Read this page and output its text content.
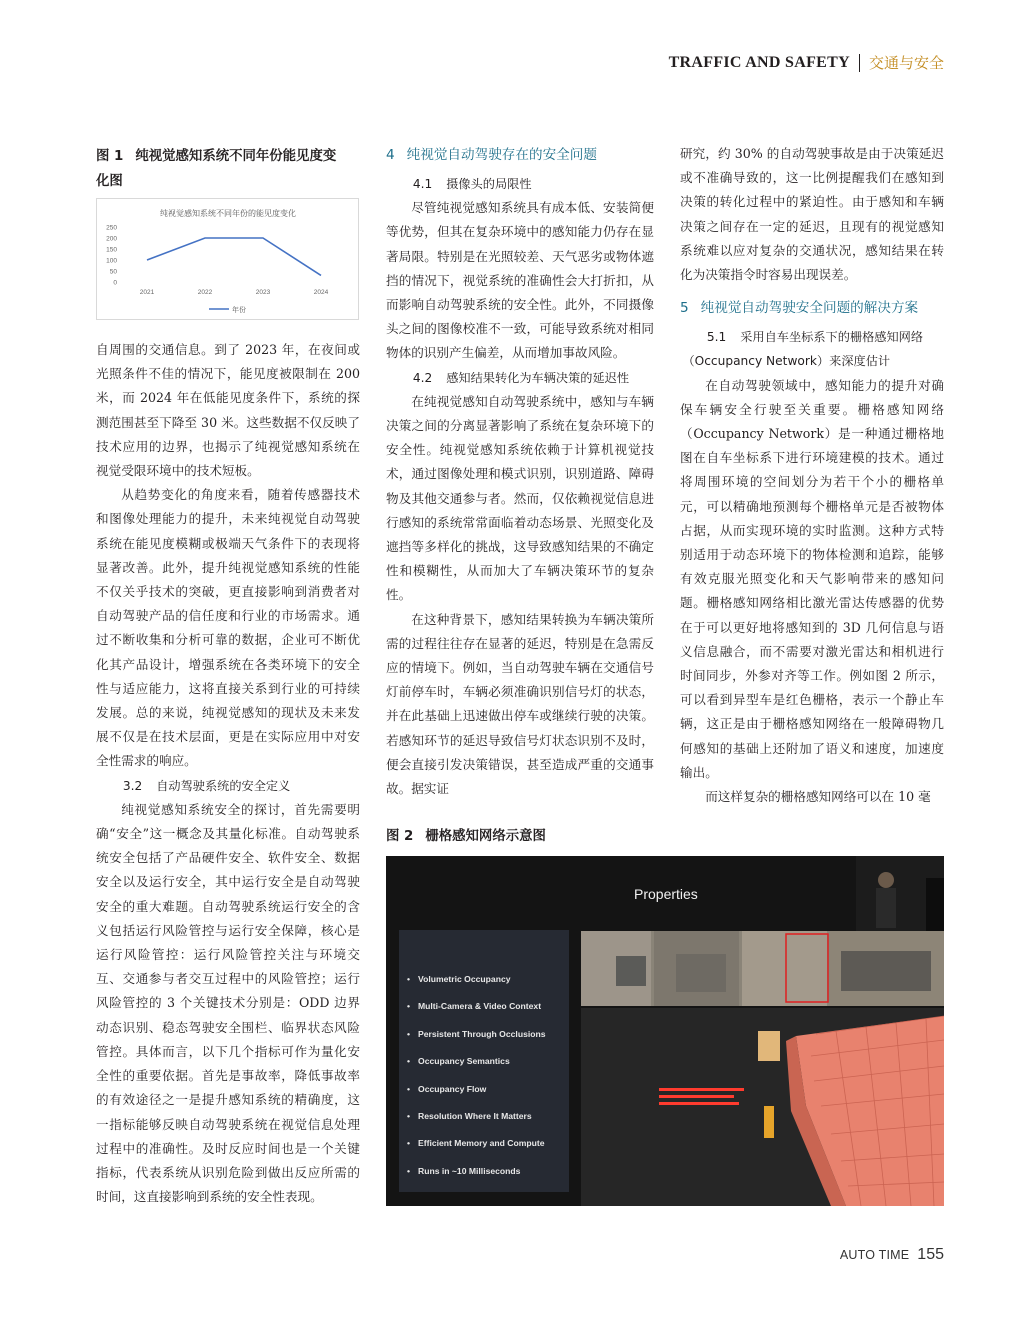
TRAFFIC AND SAFETY 交通与安全
图 1 纯视觉感知系统不同年份能见度变
化图
纯视觉感知系统不同年份的能见度变化
250
200
150
100
50
0
2021	2022	2023	2024
年份

自周围的交通信息。到了 2023 年，在夜间或光照条件不佳的情况下，能见度被限制在 200 米，而 2024 年在低能见度条件下，系统的探测范围甚至下降至 30 米。这些数据不仅反映了技术应用的边界，也揭示了纯视觉感知系统在视觉受限环境中的技术短板。

从趋势变化的角度来看，随着传感器技术和图像处理能力的提升，未来纯视觉自动驾驶系统在能见度模糊或极端天气条件下的表现将显著改善。此外，提升纯视觉感知系统的性能不仅关乎技术的突破，更直接影响到消费者对自动驾驶产品的信任度和行业的市场需求。通过不断收集和分析可靠的数据，企业可不断优化其产品设计，增强系统在各类环境下的安全性与适应能力，这将直接关系到行业的可持续发展。总的来说，纯视觉感知的现状及未来发展不仅是在技术层面，更是在实际应用中对安全性需求的响应。

3.2 自动驾驶系统的安全定义

纯视觉感知系统安全的探讨，首先需要明确“安全”这一概念及其量化标准。自动驾驶系统安全包括了产品硬件安全、软件安全、数据安全以及运行安全，其中运行安全是自动驾驶安全的重大难题。自动驾驶系统运行安全的含义包括运行风险管控与运行安全保障，核心是运行风险管控：运行风险管控关注与环境交互、交通参与者交互过程中的风险管控；运行风险管控的 3 个关键技术分别是：ODD 边界动态识别、稳态驾驶安全围栏、临界状态风险管控。具体而言，以下几个指标可作为量化安全性的重要依据。首先是事故率，降低事故率的有效途径之一是提升感知系统的精确度，这一指标能够反映自动驾驶系统在视觉信息处理过程中的准确性。及时反应时间也是一个关键指标，代表系统从识别危险到做出反应所需的时间，这直接影响到系统的安全性表现。

4 纯视觉自动驾驶存在的安全问题
4.1 摄像头的局限性

尽管纯视觉感知系统具有成本低、安装简便等优势，但其在复杂环境中的感知能力仍存在显著局限。特别是在光照较差、天气恶劣或物体遮挡的情况下，视觉系统的准确性会大打折扣，从而影响自动驾驶系统的安全性。此外，不同摄像头之间的图像校准不一致，可能导致系统对相同物体的识别产生偏差，从而增加事故风险。

4.2 感知结果转化为车辆决策的延迟性

在纯视觉感知自动驾驶系统中，感知与车辆决策之间的分离显著影响了系统在复杂环境下的安全性。纯视觉感知系统依赖于计算机视觉技术，通过图像处理和模式识别，识别道路、障碍物及其他交通参与者。然而，仅依赖视觉信息进行感知的系统常常面临着动态场景、光照变化及遮挡等多样化的挑战，这导致感知结果的不确定性和模糊性，从而加大了车辆决策环节的复杂性。

在这种背景下，感知结果转换为车辆决策所需的过程往往存在显著的延迟，特别是在急需反应的情境下。例如，当自动驾驶车辆在交通信号灯前停车时，车辆必须准确识别信号灯的状态，并在此基础上迅速做出停车或继续行驶的决策。若感知环节的延迟导致信号灯状态识别不及时，便会直接引发决策错误，甚至造成严重的交通事故。据实证

研究，约 30% 的自动驾驶事故是由于决策延迟或不准确导致的，这一比例提醒我们在感知到决策的转化过程中的紧迫性。由于感知和车辆决策之间存在一定的延迟，且现有的视觉感知系统难以应对复杂的交通状况，感知结果在转化为决策指令时容易出现误差。

5 纯视觉自动驾驶安全问题的解决方案
5.1 采用自车坐标系下的栅格感知网络
（Occupancy Network）来深度估计

在自动驾驶领域中，感知能力的提升对确保车辆安全行驶至关重要。栅格感知网络（Occupancy Network）是一种通过栅格地图在自车坐标系下进行环境建模的技术。通过将周围环境的空间划分为若干个小的栅格单元，可以精确地预测每个栅格单元是否被物体占据，从而实现环境的实时监测。这种方式特别适用于动态环境下的物体检测和追踪，能够有效克服光照变化和天气影响带来的感知问题。栅格感知网络相比激光雷达传感器的优势在于可以更好地将感知到的 3D 几何信息与语义信息融合，而不需要对激光雷达和相机进行时间同步，外参对齐等工作。例如图 2 所示，可以看到异型车是红色栅格，表示一个静止车辆，这正是由于栅格感知网络在一般障碍物几何感知的基础上还附加了语义和速度，加速度输出。

而这样复杂的栅格感知网络可以在 10 毫

图 2 栅格感知网络示意图
Properties
• Volumetric Occupancy
• Multi-Camera & Video Context
• Persistent Through Occlusions
• Occupancy Semantics
• Occupancy Flow
• Resolution Where It Matters
• Efficient Memory and Compute
• Runs in ~10 Milliseconds
AUTO TIME 155
